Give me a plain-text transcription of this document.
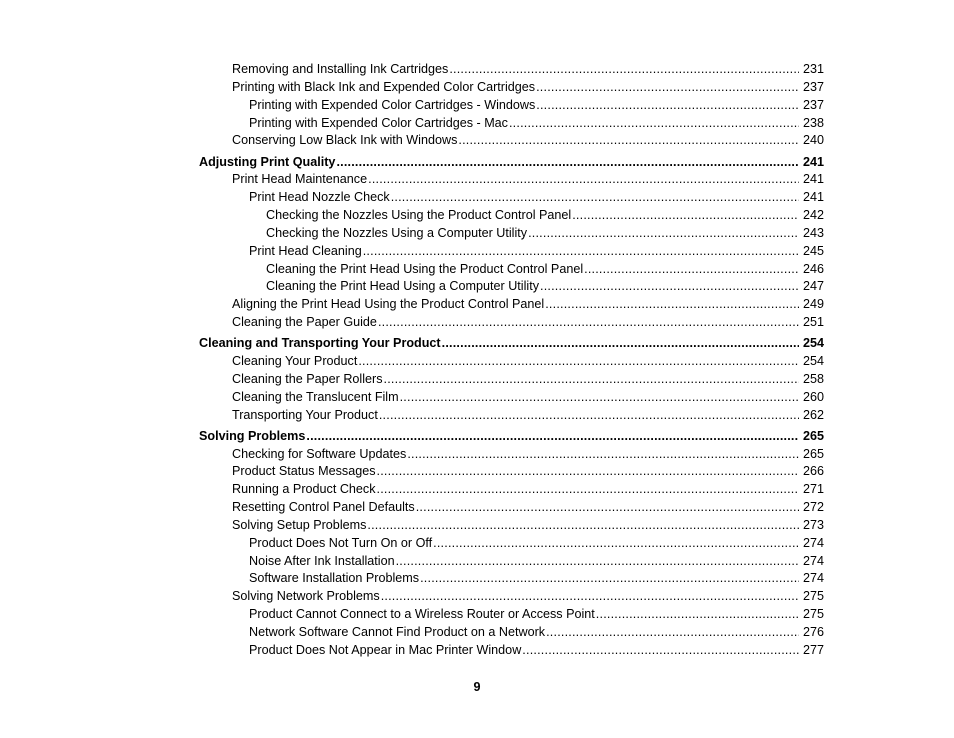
Removing and Installing Ink Cartridges .....	231
Printing with Black Ink and Expended Color Cartridges .....	237
Printing with Expended Color Cartridges - Windows .....	237
Printing with Expended Color Cartridges - Mac .....	238
Conserving Low Black Ink with Windows .....	240
Adjusting Print Quality .....	241
Print Head Maintenance .....	241
Print Head Nozzle Check .....	241
Checking the Nozzles Using the Product Control Panel .....	242
Checking the Nozzles Using a Computer Utility .....	243
Print Head Cleaning .....	245
Cleaning the Print Head Using the Product Control Panel .....	246
Cleaning the Print Head Using a Computer Utility .....	247
Aligning the Print Head Using the Product Control Panel .....	249
Cleaning the Paper Guide .....	251
Cleaning and Transporting Your Product .....	254
Cleaning Your Product .....	254
Cleaning the Paper Rollers .....	258
Cleaning the Translucent Film .....	260
Transporting Your Product .....	262
Solving Problems .....	265
Checking for Software Updates .....	265
Product Status Messages .....	266
Running a Product Check .....	271
Resetting Control Panel Defaults .....	272
Solving Setup Problems .....	273
Product Does Not Turn On or Off .....	274
Noise After Ink Installation .....	274
Software Installation Problems .....	274
Solving Network Problems .....	275
Product Cannot Connect to a Wireless Router or Access Point .....	275
Network Software Cannot Find Product on a Network .....	276
Product Does Not Appear in Mac Printer Window .....	277
9
